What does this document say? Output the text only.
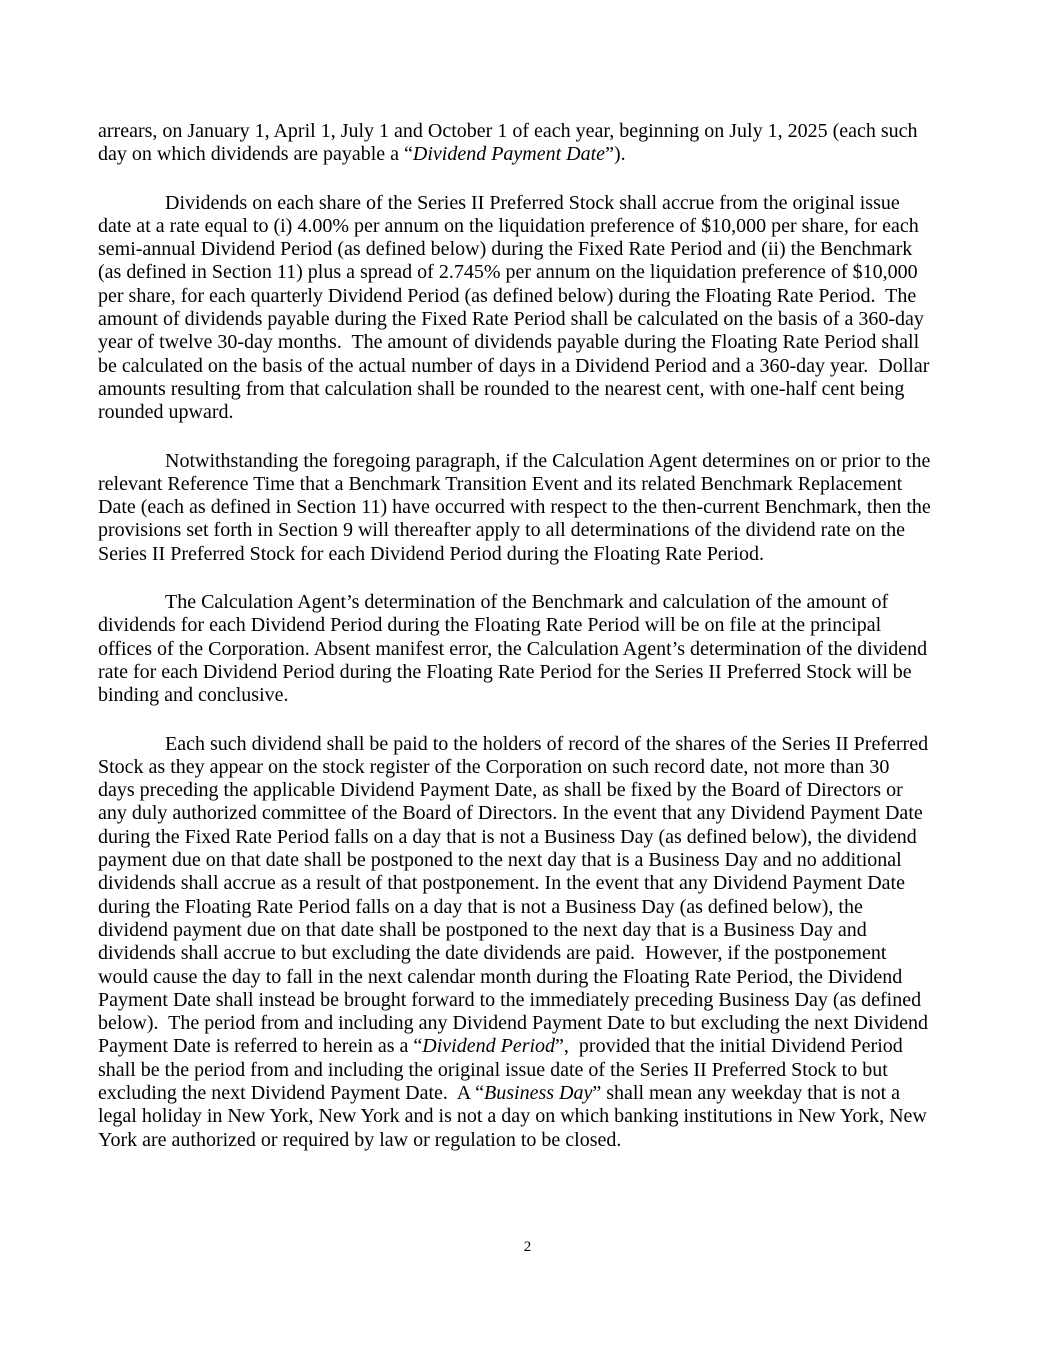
arrears, on January 1, April 1, July 1 and October 1 of each year, beginning on July 1, 2025 (each such day on which dividends are payable a “Dividend Payment Date”).

Dividends on each share of the Series II Preferred Stock shall accrue from the original issue date at a rate equal to (i) 4.00% per annum on the liquidation preference of $10,000 per share, for each semi-annual Dividend Period (as defined below) during the Fixed Rate Period and (ii) the Benchmark (as defined in Section 11) plus a spread of 2.745% per annum on the liquidation preference of $10,000 per share, for each quarterly Dividend Period (as defined below) during the Floating Rate Period.  The amount of dividends payable during the Fixed Rate Period shall be calculated on the basis of a 360-day year of twelve 30-day months.  The amount of dividends payable during the Floating Rate Period shall be calculated on the basis of the actual number of days in a Dividend Period and a 360-day year.  Dollar amounts resulting from that calculation shall be rounded to the nearest cent, with one-half cent being rounded upward.

Notwithstanding the foregoing paragraph, if the Calculation Agent determines on or prior to the relevant Reference Time that a Benchmark Transition Event and its related Benchmark Replacement Date (each as defined in Section 11) have occurred with respect to the then-current Benchmark, then the provisions set forth in Section 9 will thereafter apply to all determinations of the dividend rate on the Series II Preferred Stock for each Dividend Period during the Floating Rate Period.

The Calculation Agent’s determination of the Benchmark and calculation of the amount of dividends for each Dividend Period during the Floating Rate Period will be on file at the principal offices of the Corporation. Absent manifest error, the Calculation Agent’s determination of the dividend rate for each Dividend Period during the Floating Rate Period for the Series II Preferred Stock will be binding and conclusive.

Each such dividend shall be paid to the holders of record of the shares of the Series II Preferred Stock as they appear on the stock register of the Corporation on such record date, not more than 30 days preceding the applicable Dividend Payment Date, as shall be fixed by the Board of Directors or any duly authorized committee of the Board of Directors. In the event that any Dividend Payment Date during the Fixed Rate Period falls on a day that is not a Business Day (as defined below), the dividend payment due on that date shall be postponed to the next day that is a Business Day and no additional dividends shall accrue as a result of that postponement. In the event that any Dividend Payment Date during the Floating Rate Period falls on a day that is not a Business Day (as defined below), the dividend payment due on that date shall be postponed to the next day that is a Business Day and dividends shall accrue to but excluding the date dividends are paid.  However, if the postponement would cause the day to fall in the next calendar month during the Floating Rate Period, the Dividend Payment Date shall instead be brought forward to the immediately preceding Business Day (as defined below).  The period from and including any Dividend Payment Date to but excluding the next Dividend Payment Date is referred to herein as a “Dividend Period”,  provided that the initial Dividend Period shall be the period from and including the original issue date of the Series II Preferred Stock to but excluding the next Dividend Payment Date.  A “Business Day” shall mean any weekday that is not a legal holiday in New York, New York and is not a day on which banking institutions in New York, New York are authorized or required by law or regulation to be closed.

2
